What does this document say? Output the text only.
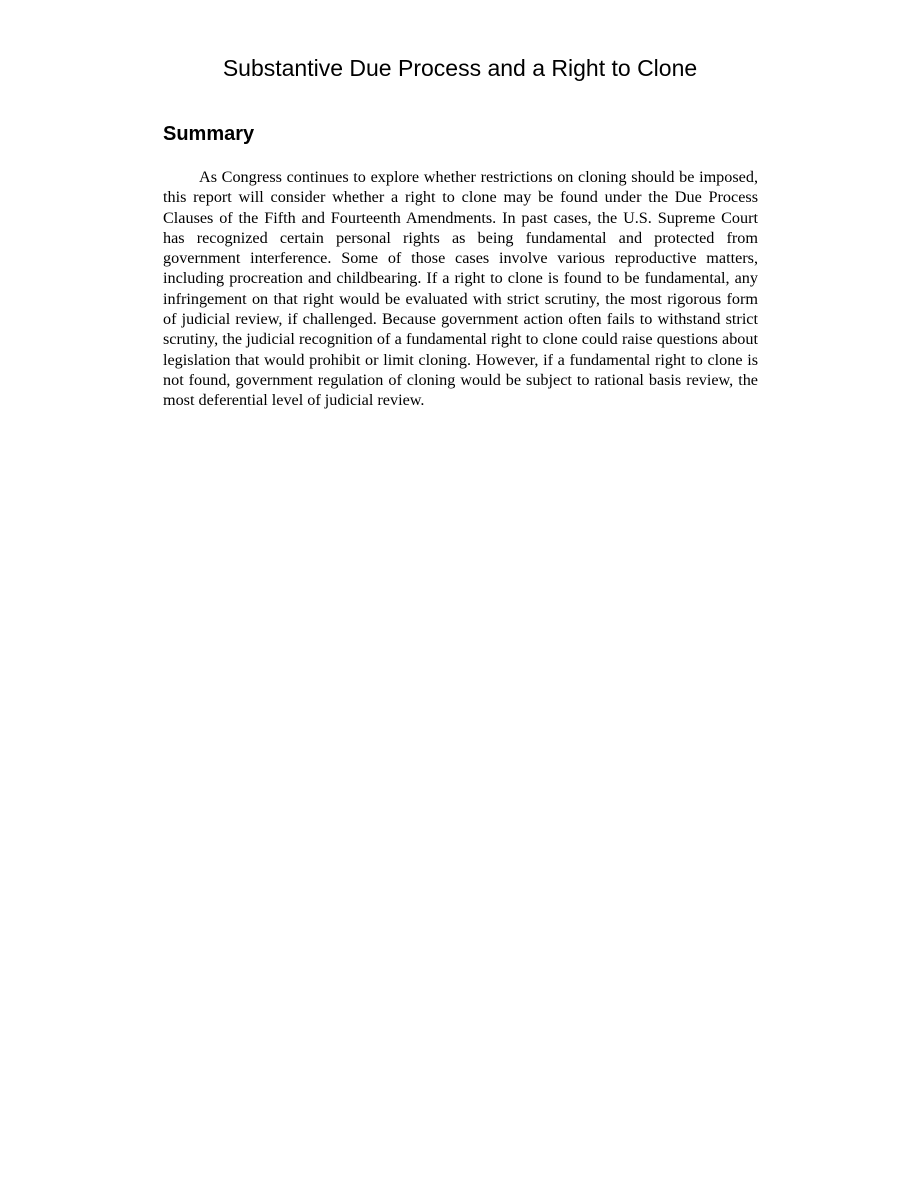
Substantive Due Process and a Right to Clone
Summary

As Congress continues to explore whether restrictions on cloning should be imposed, this report will consider whether a right to clone may be found under the Due Process Clauses of the Fifth and Fourteenth Amendments. In past cases, the U.S. Supreme Court has recognized certain personal rights as being fundamental and protected from government interference. Some of those cases involve various reproductive matters, including procreation and childbearing. If a right to clone is found to be fundamental, any infringement on that right would be evaluated with strict scrutiny, the most rigorous form of judicial review, if challenged. Because government action often fails to withstand strict scrutiny, the judicial recognition of a fundamental right to clone could raise questions about legislation that would prohibit or limit cloning. However, if a fundamental right to clone is not found, government regulation of cloning would be subject to rational basis review, the most deferential level of judicial review.
